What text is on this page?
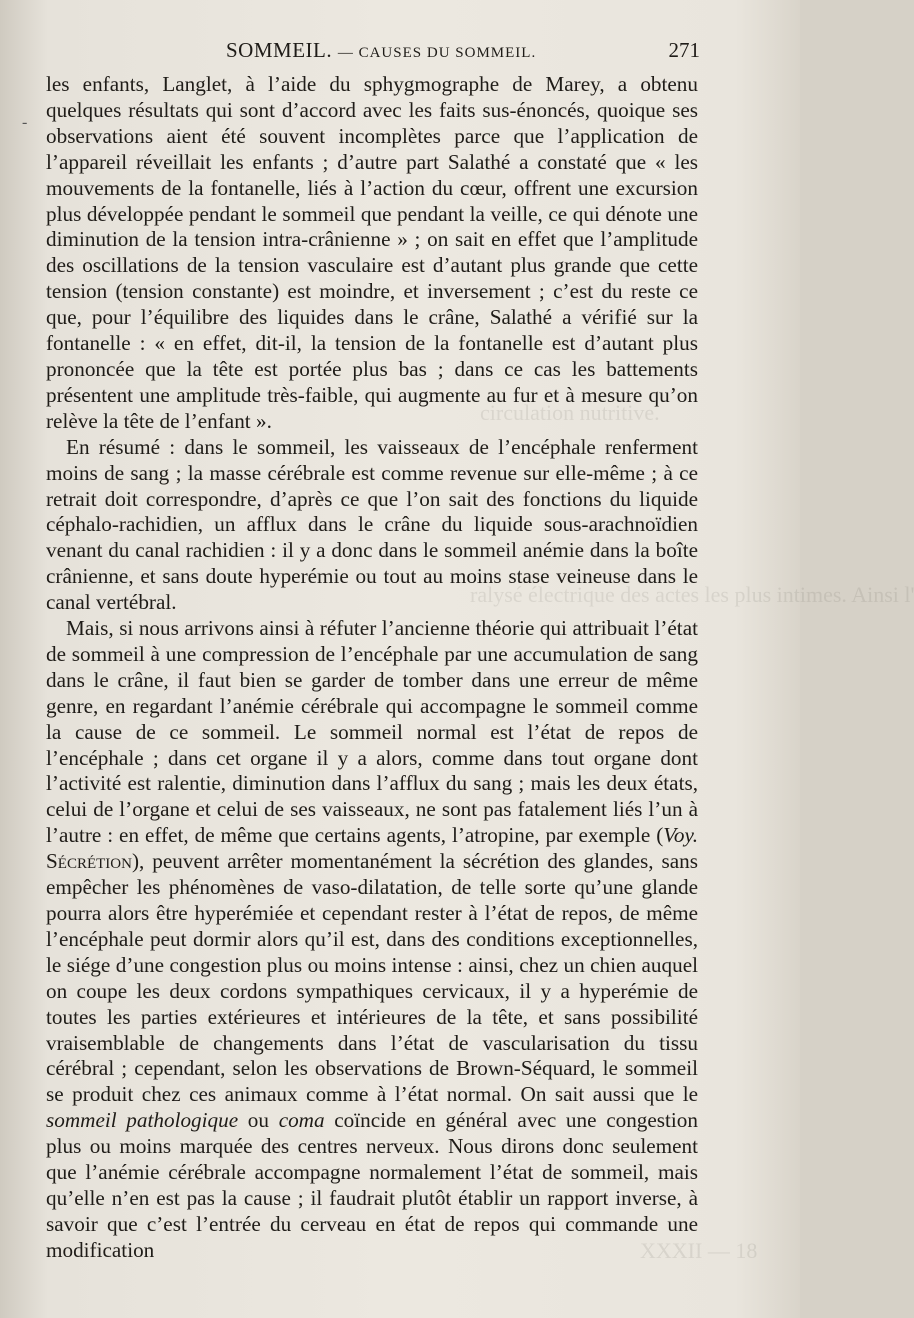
circulation nutritive.
ralysé électrique des actes les plus intimes. Ainsi l'
XXXII — 18
-
SOMMEIL. — CAUSES DU SOMMEIL.	271

les enfants, Langlet, à l’aide du sphygmographe de Marey, a obtenu quelques résultats qui sont d’accord avec les faits sus-énoncés, quoique ses observations aient été souvent incomplètes parce que l’application de l’appareil réveillait les enfants ; d’autre part Salathé a constaté que « les mouvements de la fontanelle, liés à l’action du cœur, offrent une excursion plus développée pendant le sommeil que pendant la veille, ce qui dénote une diminution de la tension intra-crânienne » ; on sait en effet que l’amplitude des oscillations de la tension vasculaire est d’autant plus grande que cette tension (tension constante) est moindre, et inversement ; c’est du reste ce que, pour l’équilibre des liquides dans le crâne, Salathé a vérifié sur la fontanelle : « en effet, dit-il, la tension de la fontanelle est d’autant plus prononcée que la tête est portée plus bas ; dans ce cas les battements présentent une amplitude très-faible, qui augmente au fur et à mesure qu’on relève la tête de l’enfant ».

En résumé : dans le sommeil, les vaisseaux de l’encéphale renferment moins de sang ; la masse cérébrale est comme revenue sur elle-même ; à ce retrait doit correspondre, d’après ce que l’on sait des fonctions du liquide céphalo-rachidien, un afflux dans le crâne du liquide sous-arachnoïdien venant du canal rachidien : il y a donc dans le sommeil anémie dans la boîte crânienne, et sans doute hyperémie ou tout au moins stase veineuse dans le canal vertébral.

Mais, si nous arrivons ainsi à réfuter l’ancienne théorie qui attribuait l’état de sommeil à une compression de l’encéphale par une accumulation de sang dans le crâne, il faut bien se garder de tomber dans une erreur de même genre, en regardant l’anémie cérébrale qui accompagne le sommeil comme la cause de ce sommeil. Le sommeil normal est l’état de repos de l’encéphale ; dans cet organe il y a alors, comme dans tout organe dont l’activité est ralentie, diminution dans l’afflux du sang ; mais les deux états, celui de l’organe et celui de ses vaisseaux, ne sont pas fatalement liés l’un à l’autre : en effet, de même que certains agents, l’atropine, par exemple (Voy. Sécrétion), peuvent arrêter momentanément la sécrétion des glandes, sans empêcher les phénomènes de vaso-dilatation, de telle sorte qu’une glande pourra alors être hyperémiée et cependant rester à l’état de repos, de même l’encéphale peut dormir alors qu’il est, dans des conditions exceptionnelles, le siége d’une congestion plus ou moins intense : ainsi, chez un chien auquel on coupe les deux cordons sympathiques cervicaux, il y a hyperémie de toutes les parties extérieures et intérieures de la tête, et sans possibilité vraisemblable de changements dans l’état de vascularisation du tissu cérébral ; cependant, selon les observations de Brown-Séquard, le sommeil se produit chez ces animaux comme à l’état normal. On sait aussi que le sommeil pathologique ou coma coïncide en général avec une congestion plus ou moins marquée des centres nerveux. Nous dirons donc seulement que l’anémie cérébrale accompagne normalement l’état de sommeil, mais qu’elle n’en est pas la cause ; il faudrait plutôt établir un rapport inverse, à savoir que c’est l’entrée du cerveau en état de repos qui commande une modification
